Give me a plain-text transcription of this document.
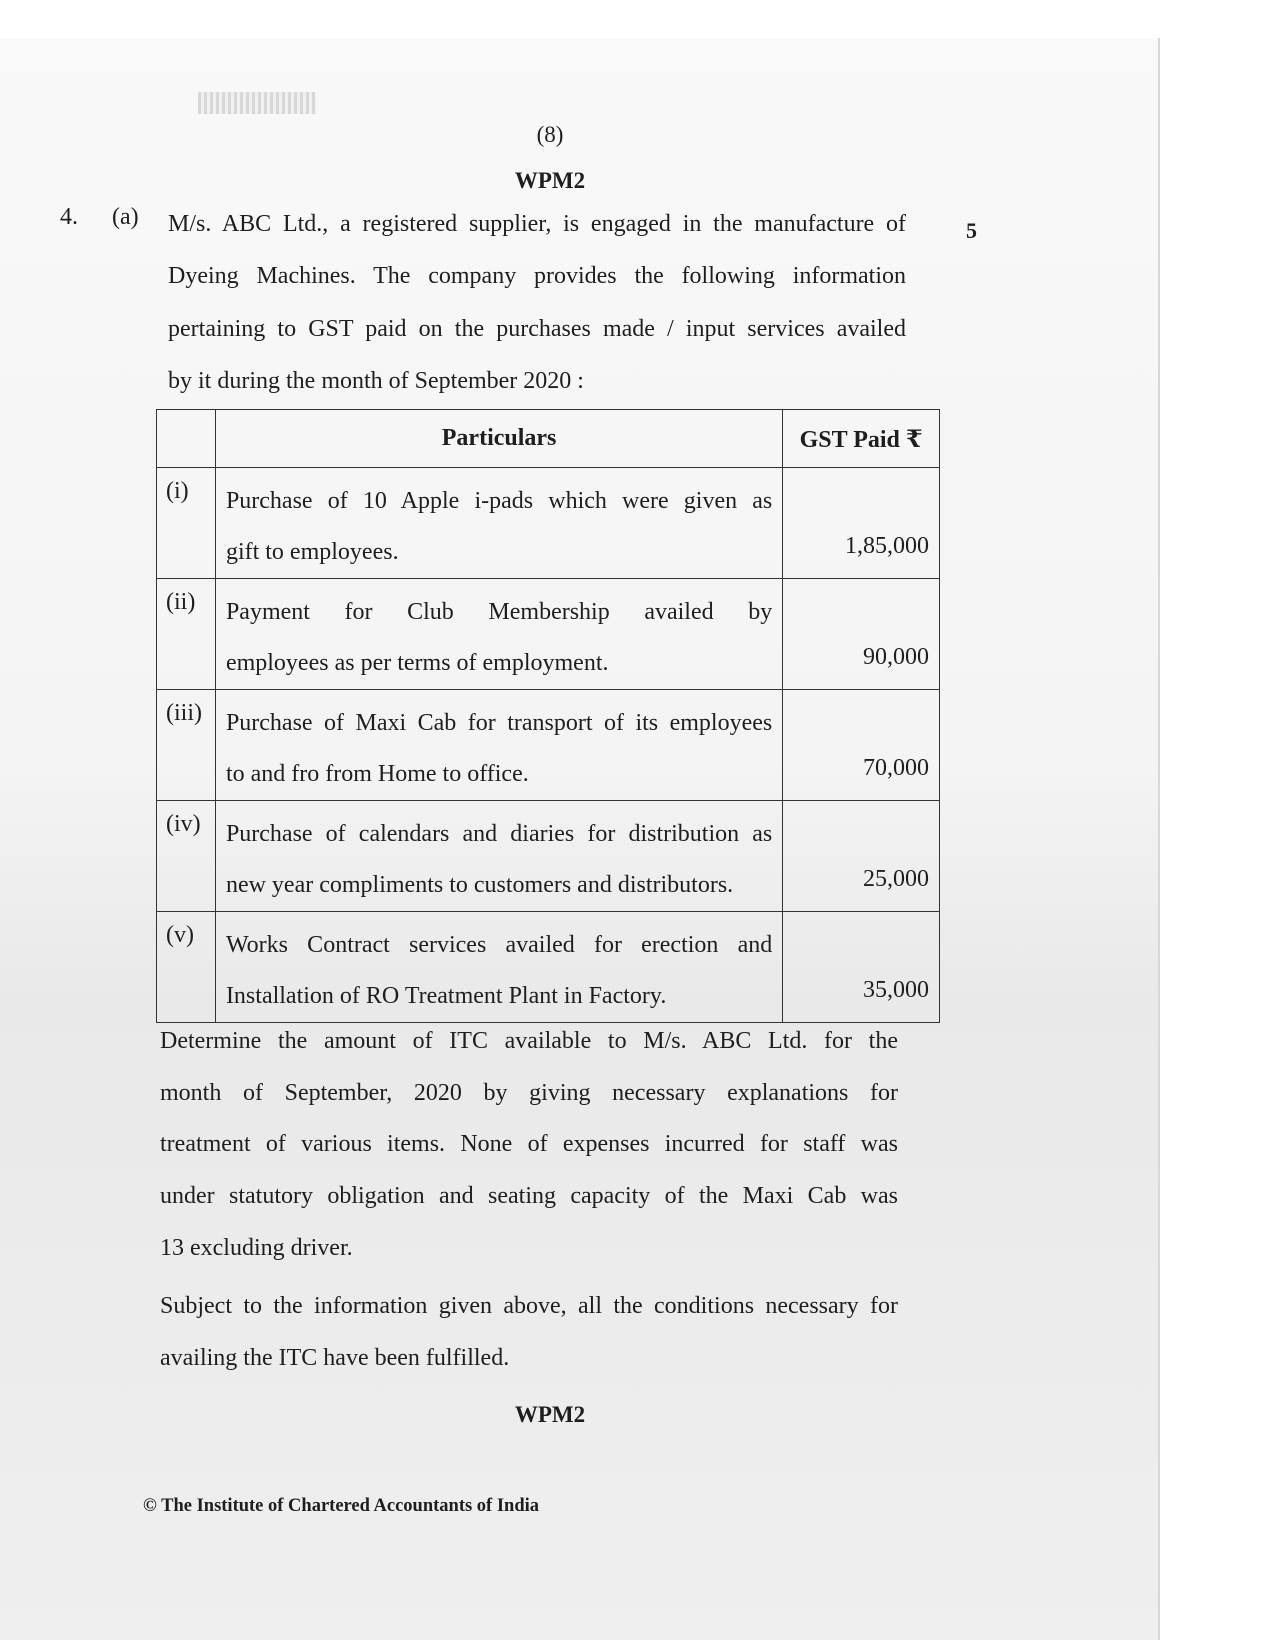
(8)
WPM2
4. (a)
5

M/s. ABC Ltd., a registered supplier, is engaged in the manufacture of
Dyeing Machines. The company provides the following information
pertaining to GST paid on the purchases made / input services availed
by it during the month of September 2020 :

	Particulars	GST Paid ₹
(i)	Purchase of 10 Apple i-pads which were given as
gift to employees.	1,85,000
(ii)	Payment for Club Membership availed by
employees as per terms of employment.	90,000
(iii)	Purchase of Maxi Cab for transport of its employees
to and fro from Home to office.	70,000
(iv)	Purchase of calendars and diaries for distribution as
new year compliments to customers and distributors.	25,000
(v)	Works Contract services availed for erection and
Installation of RO Treatment Plant in Factory.	35,000

Determine the amount of ITC available to M/s. ABC Ltd. for the
month of September, 2020 by giving necessary explanations for
treatment of various items. None of expenses incurred for staff was
under statutory obligation and seating capacity of the Maxi Cab was
13 excluding driver.

Subject to the information given above, all the conditions necessary for
availing the ITC have been fulfilled.

WPM2
© The Institute of Chartered Accountants of India
